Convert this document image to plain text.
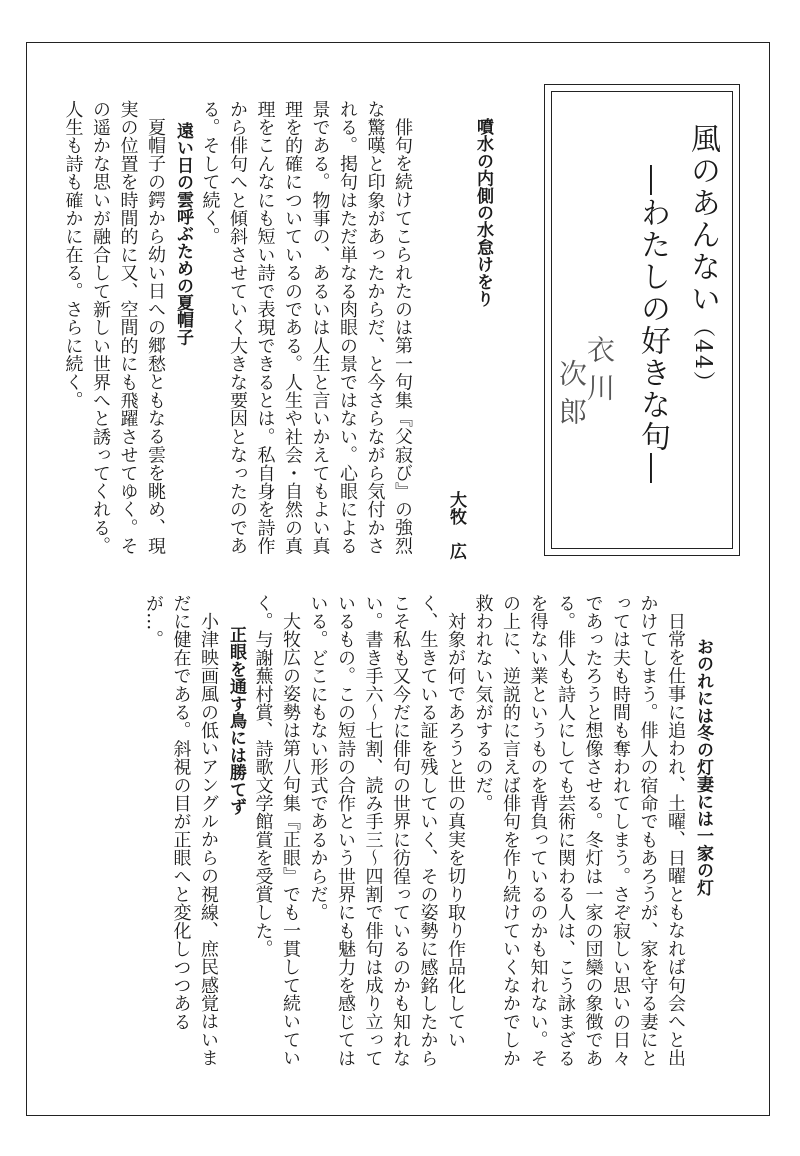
風のあんない（44）
―わたしの好きな句―
衣川
次郎

噴水の内側の水怠けをり

大牧　広

俳句を続けてこられたのは第一句集『父寂び』の強烈な驚嘆と印象があったからだ、と今さらながら気付かされる。掲句はただ単なる肉眼の景ではない。心眼による景である。物事の、あるいは人生と言いかえてもよい真理を的確についているのである。人生や社会・自然の真理をこんなにも短い詩で表現できるとは。私自身を詩作から俳句へと傾斜させていく大きな要因となったのである。そして続く。

遠い日の雲呼ぶための夏帽子

夏帽子の鍔から幼い日への郷愁ともなる雲を眺め、現実の位置を時間的に又、空間的にも飛躍させてゆく。その遥かな思いが融合して新しい世界へと誘ってくれる。人生も詩も確かに在る。さらに続く。

おのれには冬の灯妻には一家の灯

日常を仕事に追われ、土曜、日曜ともなれば句会へと出かけてしまう。俳人の宿命でもあろうが、家を守る妻にとっては夫も時間も奪われてしまう。さぞ寂しい思いの日々であったろうと想像させる。冬灯は一家の団欒の象徴である。俳人も詩人にしても芸術に関わる人は、こう詠まざるを得ない業というものを背負っているのかも知れない。その上に、逆説的に言えば俳句を作り続けていくなかでしか救われない気がするのだ。

対象が何であろうと世の真実を切り取り作品化していく、生きている証を残していく、その姿勢に感銘したからこそ私も又今だに俳句の世界に彷徨っているのかも知れない。書き手六～七割、読み手三～四割で俳句は成り立っているもの。この短詩の合作という世界にも魅力を感じてはいる。どこにもない形式であるからだ。

大牧広の姿勢は第八句集『正眼』でも一貫して続いていく。与謝蕪村賞、詩歌文学館賞を受賞した。

正眼を通す鳥には勝てず

小津映画風の低いアングルからの視線、庶民感覚はいまだに健在である。斜視の目が正眼へと変化しつつあるが…。
